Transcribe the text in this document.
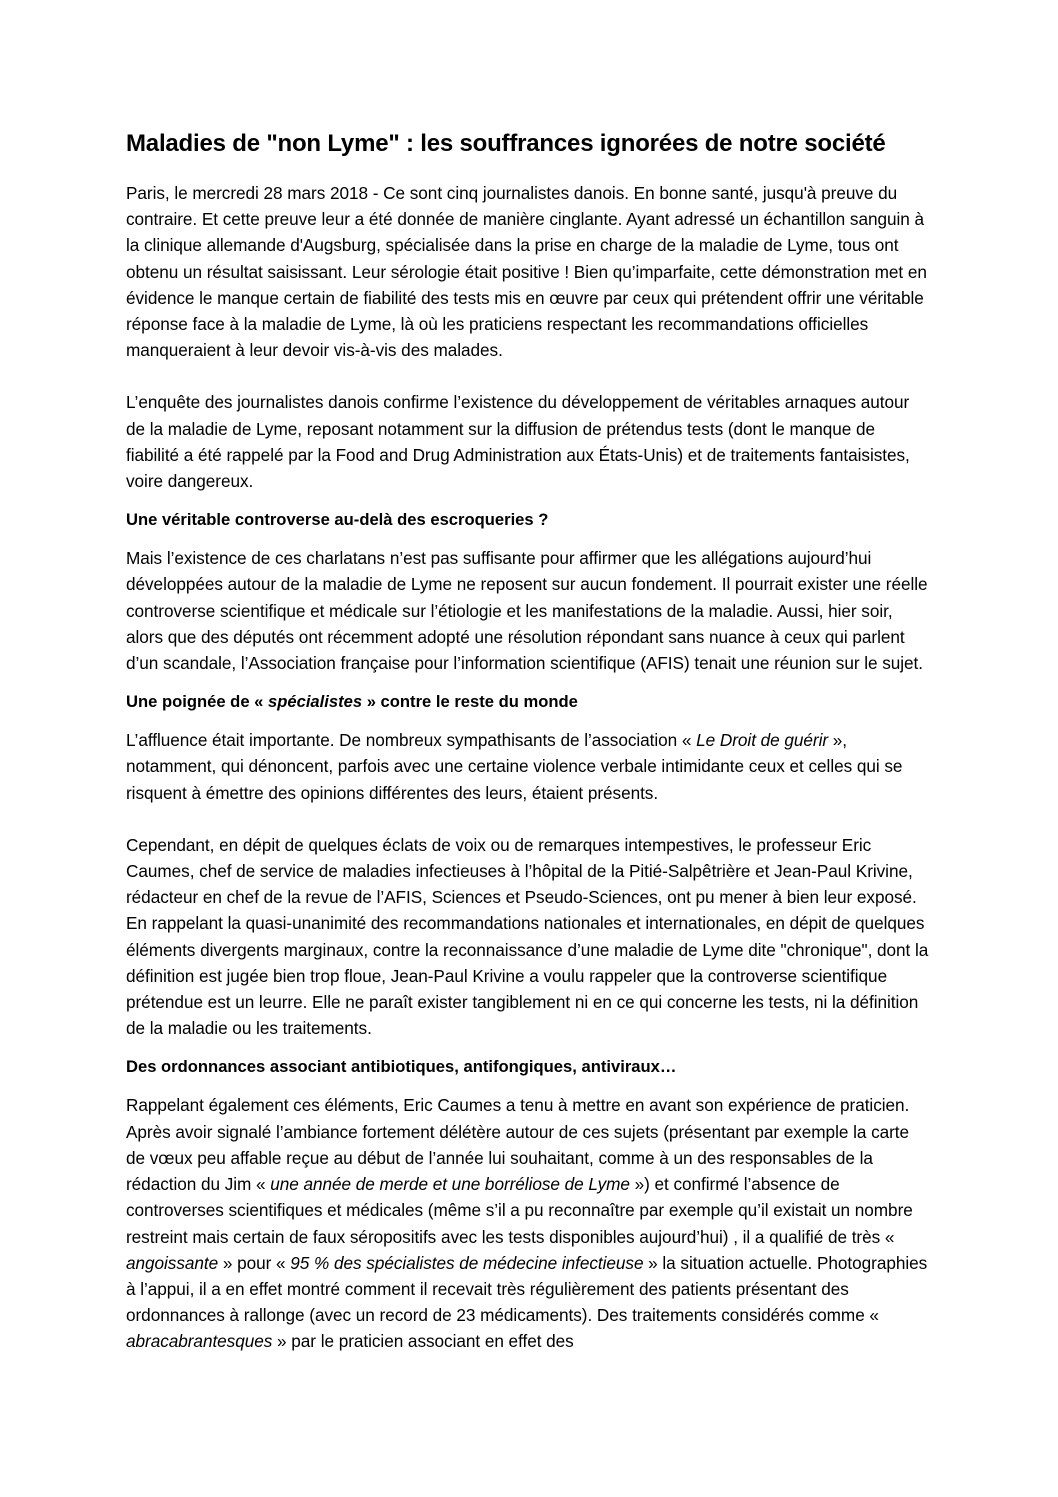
Maladies de "non Lyme" : les souffrances ignorées de notre société

Paris, le mercredi 28 mars 2018 - Ce sont cinq journalistes danois. En bonne santé, jusqu'à preuve du contraire. Et cette preuve leur a été donnée de manière cinglante. Ayant adressé un échantillon sanguin à la clinique allemande d'Augsburg, spécialisée dans la prise en charge de la maladie de Lyme, tous ont obtenu un résultat saisissant. Leur sérologie était positive ! Bien qu’imparfaite, cette démonstration met en évidence le manque certain de fiabilité des tests mis en œuvre par ceux qui prétendent offrir une véritable réponse face à la maladie de Lyme, là où les praticiens respectant les recommandations officielles manqueraient à leur devoir vis-à-vis des malades.

L’enquête des journalistes danois confirme l’existence du développement de véritables arnaques autour de la maladie de Lyme, reposant notamment sur la diffusion de prétendus tests (dont le manque de fiabilité a été rappelé par la Food and Drug Administration aux États-Unis) et de traitements fantaisistes, voire dangereux.

Une véritable controverse au-delà des escroqueries ?

Mais l’existence de ces charlatans n’est pas suffisante pour affirmer que les allégations aujourd’hui développées autour de la maladie de Lyme ne reposent sur aucun fondement. Il pourrait exister une réelle controverse scientifique et médicale sur l’étiologie et les manifestations de la maladie. Aussi, hier soir, alors que des députés ont récemment adopté une résolution répondant sans nuance à ceux qui parlent d’un scandale, l’Association française pour l’information scientifique (AFIS) tenait une réunion sur le sujet.

Une poignée de « spécialistes » contre le reste du monde

L’affluence était importante. De nombreux sympathisants de l’association « Le Droit de guérir », notamment, qui dénoncent, parfois avec une certaine violence verbale intimidante ceux et celles qui se risquent à émettre des opinions différentes des leurs, étaient présents.

Cependant, en dépit de quelques éclats de voix ou de remarques intempestives, le professeur Eric Caumes, chef de service de maladies infectieuses à l’hôpital de la Pitié-Salpêtrière et Jean-Paul Krivine, rédacteur en chef de la revue de l’AFIS, Sciences et Pseudo-Sciences, ont pu mener à bien leur exposé. En rappelant la quasi-unanimité des recommandations nationales et internationales, en dépit de quelques éléments divergents marginaux, contre la reconnaissance d’une maladie de Lyme dite "chronique", dont la définition est jugée bien trop floue, Jean-Paul Krivine a voulu rappeler que la controverse scientifique prétendue est un leurre. Elle ne paraît exister tangiblement ni en ce qui concerne les tests, ni la définition de la maladie ou les traitements.

Des ordonnances associant antibiotiques, antifongiques, antiviraux…

Rappelant également ces éléments, Eric Caumes a tenu à mettre en avant son expérience de praticien. Après avoir signalé l’ambiance fortement délétère autour de ces sujets (présentant par exemple la carte de vœux peu affable reçue au début de l’année lui souhaitant, comme à un des responsables de la rédaction du Jim « une année de merde et une borréliose de Lyme ») et confirmé l’absence de controverses scientifiques et médicales (même s’il a pu reconnaître par exemple qu’il existait un nombre restreint mais certain de faux séropositifs avec les tests disponibles aujourd’hui) , il a qualifié de très « angoissante » pour « 95 % des spécialistes de médecine infectieuse » la situation actuelle. Photographies à l’appui, il a en effet montré comment il recevait très régulièrement des patients présentant des ordonnances à rallonge (avec un record de 23 médicaments). Des traitements considérés comme « abracabrantesques » par le praticien associant en effet des
